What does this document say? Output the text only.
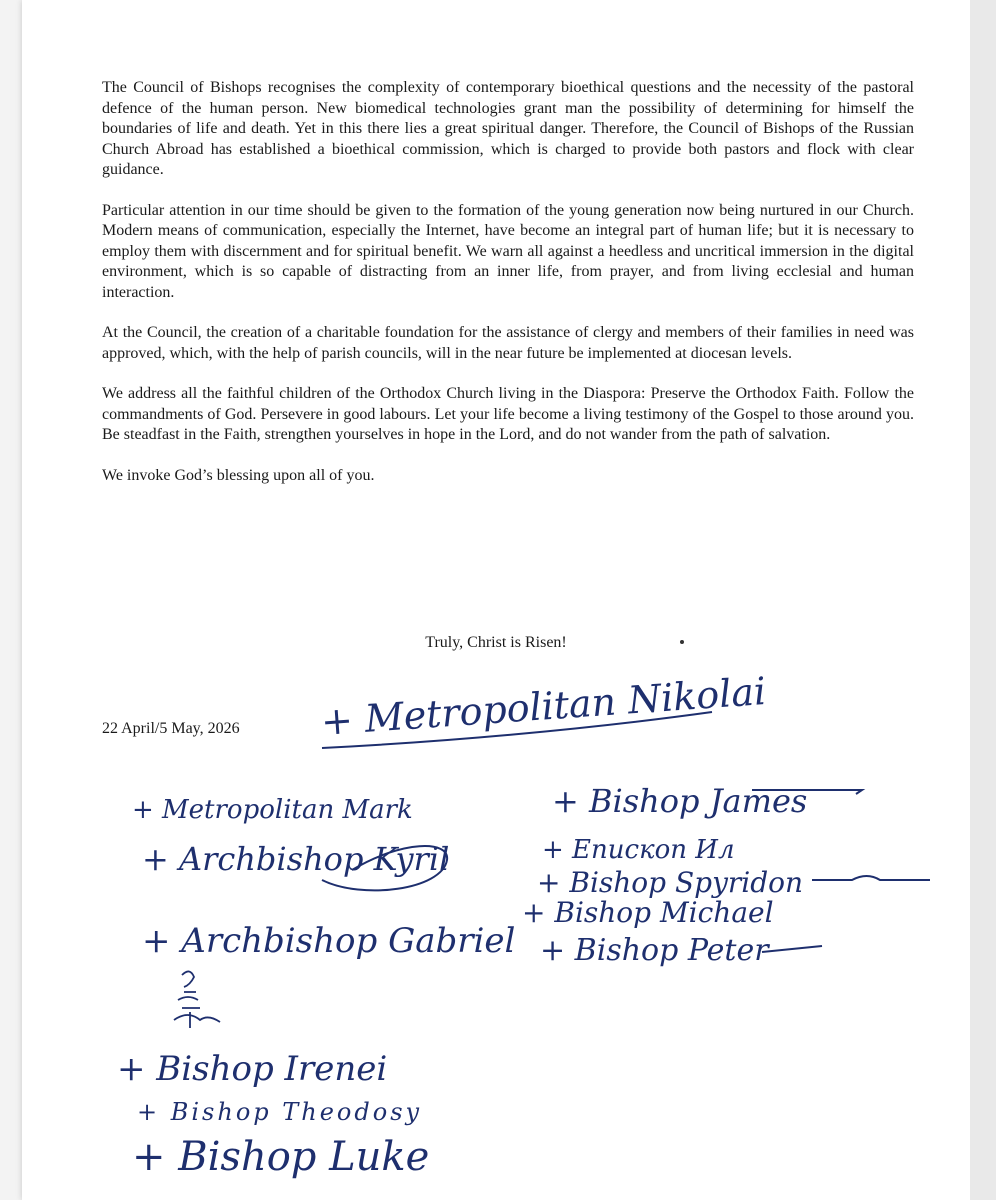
The Council of Bishops recognises the complexity of contemporary bioethical questions and the necessity of the pastoral defence of the human person. New biomedical technologies grant man the possibility of determining for himself the boundaries of life and death. Yet in this there lies a great spiritual danger. Therefore, the Council of Bishops of the Russian Church Abroad has established a bioethical commission, which is charged to provide both pastors and flock with clear guidance.

Particular attention in our time should be given to the formation of the young generation now being nurtured in our Church. Modern means of communication, especially the Internet, have become an integral part of human life; but it is necessary to employ them with discernment and for spiritual benefit. We warn all against a heedless and uncritical immersion in the digital environment, which is so capable of distracting from an inner life, from prayer, and from living ecclesial and human interaction.

At the Council, the creation of a charitable foundation for the assistance of clergy and members of their families in need was approved, which, with the help of parish councils, will in the near future be implemented at diocesan levels.

We address all the faithful children of the Orthodox Church living in the Diaspora: Preserve the Orthodox Faith. Follow the commandments of God. Persevere in good labours. Let your life become a living testimony of the Gospel to those around you. Be steadfast in the Faith, strengthen yourselves in hope in the Lord, and do not wander from the path of salvation.

We invoke God’s blessing upon all of you.

Truly, Christ is Risen!
22 April/5 May, 2026 + Metropolitan Nikolai
+ Metropolitan Mark
+ Archbishop Kyril
+ Archbishop Gabriel
+ Bishop Irenei
+ Bishop Theodosy
+ Bishop Luke
+ Bishop James
+ Епископ Ил
+ Bishop Spyridon
+ Bishop Michael
+ Bishop Peter
